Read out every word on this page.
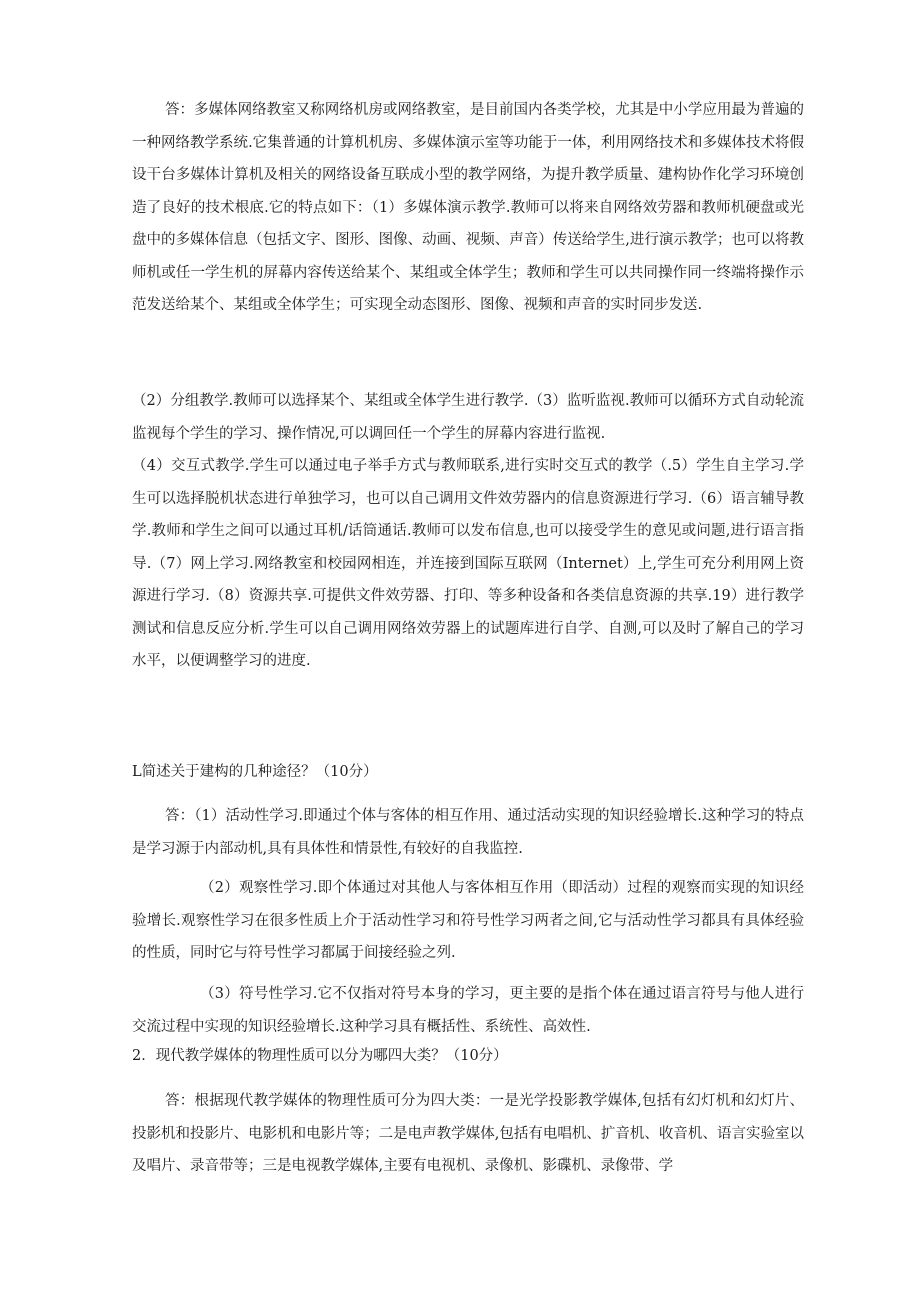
答：多媒体网络教室又称网络机房或网络教室，是目前国内各类学校，尤其是中小学应用最为普遍的一种网络教学系统.它集普通的计算机机房、多媒体演示室等功能于一体，利用网络技术和多媒体技术将假设干台多媒体计算机及相关的网络设备互联成小型的教学网络，为提升教学质量、建构协作化学习环境创造了良好的技术根底.它的特点如下：（1）多媒体演示教学.教师可以将来自网络效劳器和教师机硬盘或光盘中的多媒体信息（包括文字、图形、图像、动画、视频、声音）传送给学生,进行演示教学；也可以将教师机或任一学生机的屏幕内容传送给某个、某组或全体学生；教师和学生可以共同操作同一终端将操作示范发送给某个、某组或全体学生；可实现全动态图形、图像、视频和声音的实时同步发送.

（2）分组教学.教师可以选择某个、某组或全体学生进行教学.（3）监听监视.教师可以循环方式自动轮流监视每个学生的学习、操作情况,可以调回任一个学生的屏幕内容进行监视.

（4）交互式教学.学生可以通过电子举手方式与教师联系,进行实时交互式的教学（.5）学生自主学习.学生可以选择脱机状态进行单独学习，也可以自己调用文件效劳器内的信息资源进行学习.（6）语言辅导教学.教师和学生之间可以通过耳机/话筒通话.教师可以发布信息,也可以接受学生的意见或问题,进行语言指导.（7）网上学习.网络教室和校园网相连，并连接到国际互联网（Internet）上,学生可充分利用网上资源进行学习.（8）资源共享.可提供文件效劳器、打印、等多种设备和各类信息资源的共享.19）进行教学测试和信息反应分析.学生可以自己调用网络效劳器上的试题库进行自学、自测,可以及时了解自己的学习水平，以便调整学习的进度.

L简述关于建构的几种途径？（10分）

答：（1）活动性学习.即通过个体与客体的相互作用、通过活动实现的知识经验增长.这种学习的特点是学习源于内部动机,具有具体性和情景性,有较好的自我监控.

（2）观察性学习.即个体通过对其他人与客体相互作用（即活动）过程的观察而实现的知识经验增长.观察性学习在很多性质上介于活动性学习和符号性学习两者之间,它与活动性学习都具有具体经验的性质，同时它与符号性学习都属于间接经验之列.

（3）符号性学习.它不仅指对符号本身的学习，更主要的是指个体在通过语言符号与他人进行交流过程中实现的知识经验增长.这种学习具有概括性、系统性、高效性.

2．现代教学媒体的物理性质可以分为哪四大类？（10分）

答：根据现代教学媒体的物理性质可分为四大类：一是光学投影教学媒体,包括有幻灯机和幻灯片、投影机和投影片、电影机和电影片等；二是电声教学媒体,包括有电唱机、扩音机、收音机、语言实验室以及唱片、录音带等；三是电视教学媒体,主要有电视机、录像机、影碟机、录像带、学
